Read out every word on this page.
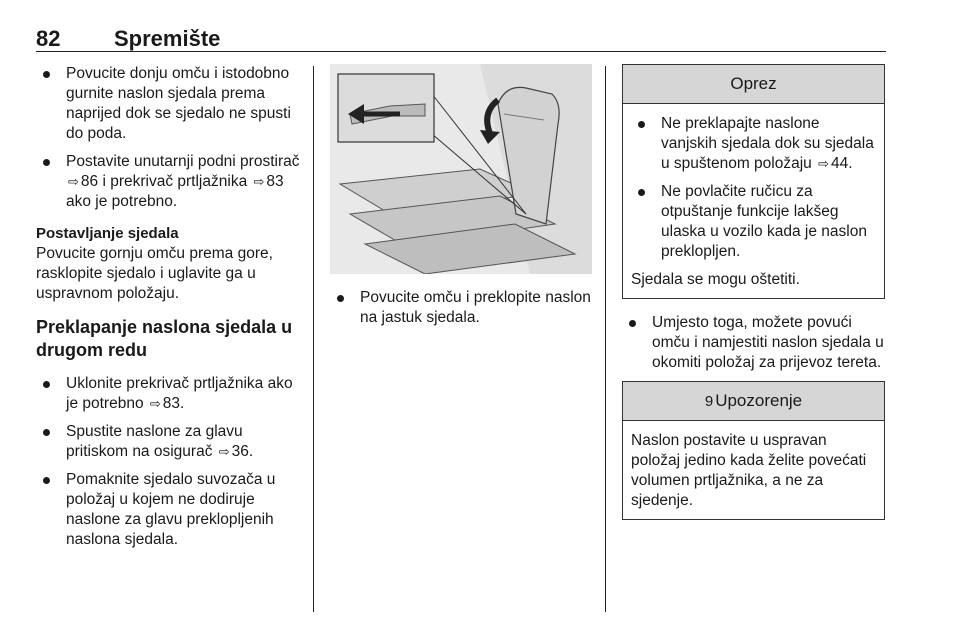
82 Spremište
Povucite donju omču i istodobno gurnite naslon sjedala prema naprijed dok se sjedalo ne spusti do poda.
Postavite unutarnji podni prostirač ⇨ 86 i prekrivač prtljažnika ⇨ 83 ako je potrebno.
Postavljanje sjedala

Povucite gornju omču prema gore, rasklopite sjedalo i uglavite ga u uspravnom položaju.

Preklapanje naslona sjedala u drugom redu
Uklonite prekrivač prtljažnika ako je potrebno ⇨ 83.
Spustite naslone za glavu pritiskom na osigurač ⇨ 36.
Pomaknite sjedalo suvozača u položaj u kojem ne dodiruje naslone za glavu preklopljenih naslona sjedala.
Povucite omču i preklopite naslon na jastuk sjedala.
Oprez
Ne preklapajte naslone vanjskih sjedala dok su sjedala u spuštenom položaju ⇨ 44.
Ne povlačite ručicu za otpuštanje funkcije lakšeg ulaska u vozilo kada je naslon preklopljen.

Sjedala se mogu oštetiti.

Umjesto toga, možete povući omču i namjestiti naslon sjedala u okomiti položaj za prijevoz tereta.
9 Upozorenje

Naslon postavite u uspravan položaj jedino kada želite povećati volumen prtljažnika, a ne za sjedenje.
